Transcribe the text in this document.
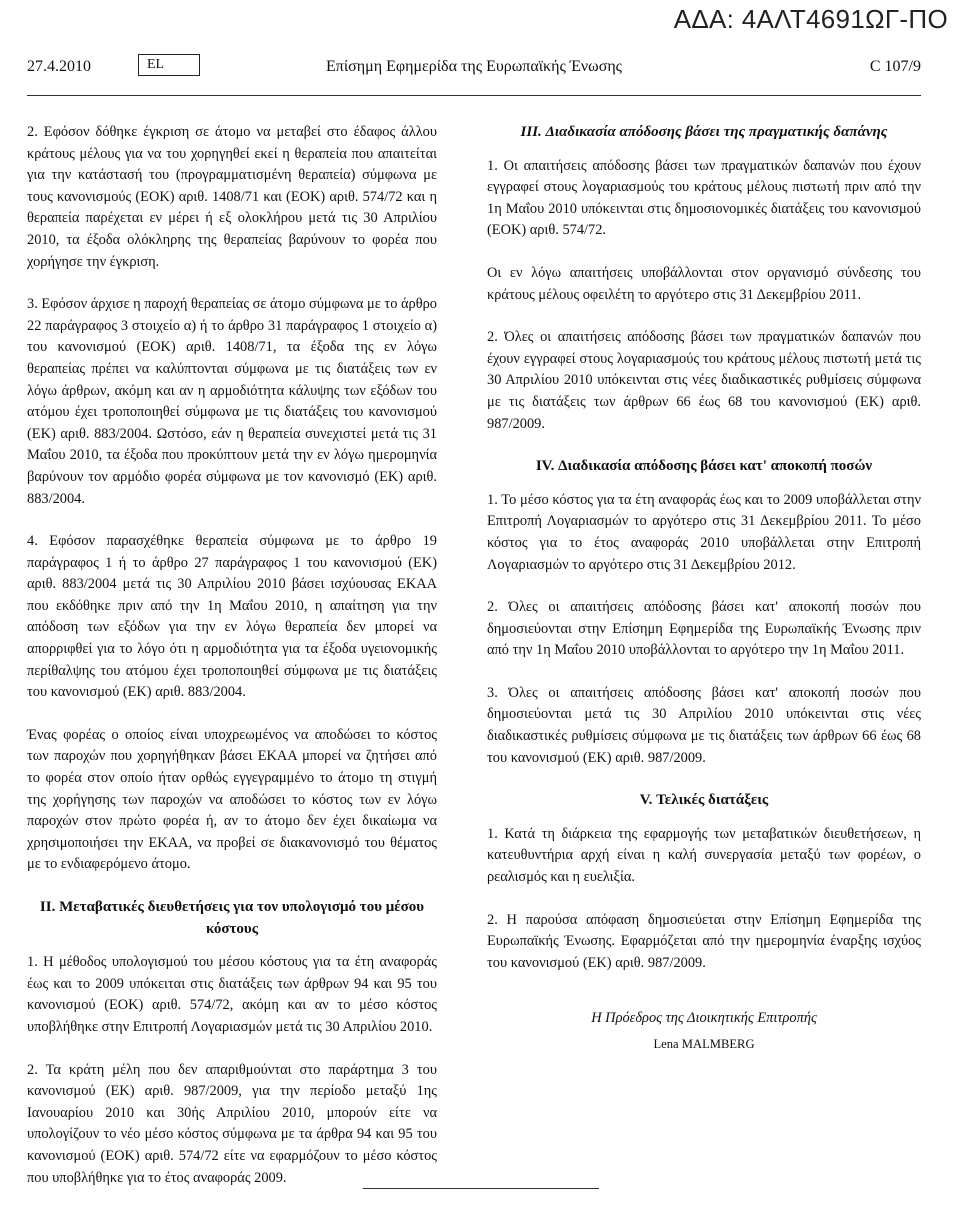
ΑΔΑ: 4ΑΛΤ4691ΩΓ-ΠΟ
27.4.2010	EL	Επίσημη Εφημερίδα της Ευρωπαϊκής Ένωσης	C 107/9

2. Εφόσον δόθηκε έγκριση σε άτομο να μεταβεί στο έδαφος άλλου κράτους μέλους για να του χορηγηθεί εκεί η θεραπεία που απαιτείται για την κατάστασή του (προγραμματισμένη θεραπεία) σύμφωνα με τους κανονισμούς (ΕΟΚ) αριθ. 1408/71 και (ΕΟΚ) αριθ. 574/72 και η θεραπεία παρέχεται εν μέρει ή εξ ολοκλήρου μετά τις 30 Απριλίου 2010, τα έξοδα ολόκληρης της θεραπείας βαρύνουν το φορέα που χορήγησε την έγκριση.

3. Εφόσον άρχισε η παροχή θεραπείας σε άτομο σύμφωνα με το άρθρο 22 παράγραφος 3 στοιχείο α) ή το άρθρο 31 παράγραφος 1 στοιχείο α) του κανονισμού (ΕΟΚ) αριθ. 1408/71, τα έξοδα της εν λόγω θεραπείας πρέπει να καλύπτονται σύμφωνα με τις διατάξεις των εν λόγω άρθρων, ακόμη και αν η αρμοδιότητα κάλυψης των εξόδων του ατόμου έχει τροποποιηθεί σύμφωνα με τις διατάξεις του κανονισμού (ΕΚ) αριθ. 883/2004. Ωστόσο, εάν η θεραπεία συνεχιστεί μετά τις 31 Μαΐου 2010, τα έξοδα που προκύπτουν μετά την εν λόγω ημερομηνία βαρύνουν τον αρμόδιο φορέα σύμφωνα με τον κανονισμό (ΕΚ) αριθ. 883/2004.

4. Εφόσον παρασχέθηκε θεραπεία σύμφωνα με το άρθρο 19 παράγραφος 1 ή το άρθρο 27 παράγραφος 1 του κανονισμού (ΕΚ) αριθ. 883/2004 μετά τις 30 Απριλίου 2010 βάσει ισχύουσας ΕΚΑΑ που εκδόθηκε πριν από την 1η Μαΐου 2010, η απαίτηση για την απόδοση των εξόδων για την εν λόγω θεραπεία δεν μπορεί να απορριφθεί για το λόγο ότι η αρμοδιότητα για τα έξοδα υγειονομικής περίθαλψης του ατόμου έχει τροποποιηθεί σύμφωνα με τις διατάξεις του κανονισμού (ΕΚ) αριθ. 883/2004.

Ένας φορέας ο οποίος είναι υποχρεωμένος να αποδώσει το κόστος των παροχών που χορηγήθηκαν βάσει ΕΚΑΑ μπορεί να ζητήσει από το φορέα στον οποίο ήταν ορθώς εγγεγραμμένο το άτομο τη στιγμή της χορήγησης των παροχών να αποδώσει το κόστος των εν λόγω παροχών στον πρώτο φορέα ή, αν το άτομο δεν έχει δικαίωμα να χρησιμοποιήσει την ΕΚΑΑ, να προβεί σε διακανονισμό του θέματος με το ενδιαφερόμενο άτομο.

II. Μεταβατικές διευθετήσεις για τον υπολογισμό του μέσου κόστους

1. Η μέθοδος υπολογισμού του μέσου κόστους για τα έτη αναφοράς έως και το 2009 υπόκειται στις διατάξεις των άρθρων 94 και 95 του κανονισμού (ΕΟΚ) αριθ. 574/72, ακόμη και αν το μέσο κόστος υποβλήθηκε στην Επιτροπή Λογαριασμών μετά τις 30 Απριλίου 2010.

2. Τα κράτη μέλη που δεν απαριθμούνται στο παράρτημα 3 του κανονισμού (ΕΚ) αριθ. 987/2009, για την περίοδο μεταξύ 1ης Ιανουαρίου 2010 και 30ής Απριλίου 2010, μπορούν είτε να υπολογίζουν το νέο μέσο κόστος σύμφωνα με τα άρθρα 94 και 95 του κανονισμού (ΕΟΚ) αριθ. 574/72 είτε να εφαρμόζουν το μέσο κόστος που υποβλήθηκε για το έτος αναφοράς 2009.

III. Διαδικασία απόδοσης βάσει της πραγματικής δαπάνης

1. Οι απαιτήσεις απόδοσης βάσει των πραγματικών δαπανών που έχουν εγγραφεί στους λογαριασμούς του κράτους μέλους πιστωτή πριν από την 1η Μαΐου 2010 υπόκεινται στις δημοσιονομικές διατάξεις του κανονισμού (ΕΟΚ) αριθ. 574/72.

Οι εν λόγω απαιτήσεις υποβάλλονται στον οργανισμό σύνδεσης του κράτους μέλους οφειλέτη το αργότερο στις 31 Δεκεμβρίου 2011.

2. Όλες οι απαιτήσεις απόδοσης βάσει των πραγματικών δαπανών που έχουν εγγραφεί στους λογαριασμούς του κράτους μέλους πιστωτή μετά τις 30 Απριλίου 2010 υπόκεινται στις νέες διαδικαστικές ρυθμίσεις σύμφωνα με τις διατάξεις των άρθρων 66 έως 68 του κανονισμού (ΕΚ) αριθ. 987/2009.

IV. Διαδικασία απόδοσης βάσει κατ' αποκοπή ποσών

1. Το μέσο κόστος για τα έτη αναφοράς έως και το 2009 υποβάλλεται στην Επιτροπή Λογαριασμών το αργότερο στις 31 Δεκεμβρίου 2011. Το μέσο κόστος για το έτος αναφοράς 2010 υποβάλλεται στην Επιτροπή Λογαριασμών το αργότερο στις 31 Δεκεμβρίου 2012.

2. Όλες οι απαιτήσεις απόδοσης βάσει κατ' αποκοπή ποσών που δημοσιεύονται στην Επίσημη Εφημερίδα της Ευρωπαϊκής Ένωσης πριν από την 1η Μαΐου 2010 υποβάλλονται το αργότερο την 1η Μαΐου 2011.

3. Όλες οι απαιτήσεις απόδοσης βάσει κατ' αποκοπή ποσών που δημοσιεύονται μετά τις 30 Απριλίου 2010 υπόκεινται στις νέες διαδικαστικές ρυθμίσεις σύμφωνα με τις διατάξεις των άρθρων 66 έως 68 του κανονισμού (ΕΚ) αριθ. 987/2009.

V. Τελικές διατάξεις

1. Κατά τη διάρκεια της εφαρμογής των μεταβατικών διευθετήσεων, η κατευθυντήρια αρχή είναι η καλή συνεργασία μεταξύ των φορέων, ο ρεαλισμός και η ευελιξία.

2. Η παρούσα απόφαση δημοσιεύεται στην Επίσημη Εφημερίδα της Ευρωπαϊκής Ένωσης. Εφαρμόζεται από την ημερομηνία έναρξης ισχύος του κανονισμού (ΕΚ) αριθ. 987/2009.

Η Πρόεδρος της Διοικητικής Επιτροπής
Lena MALMBERG
